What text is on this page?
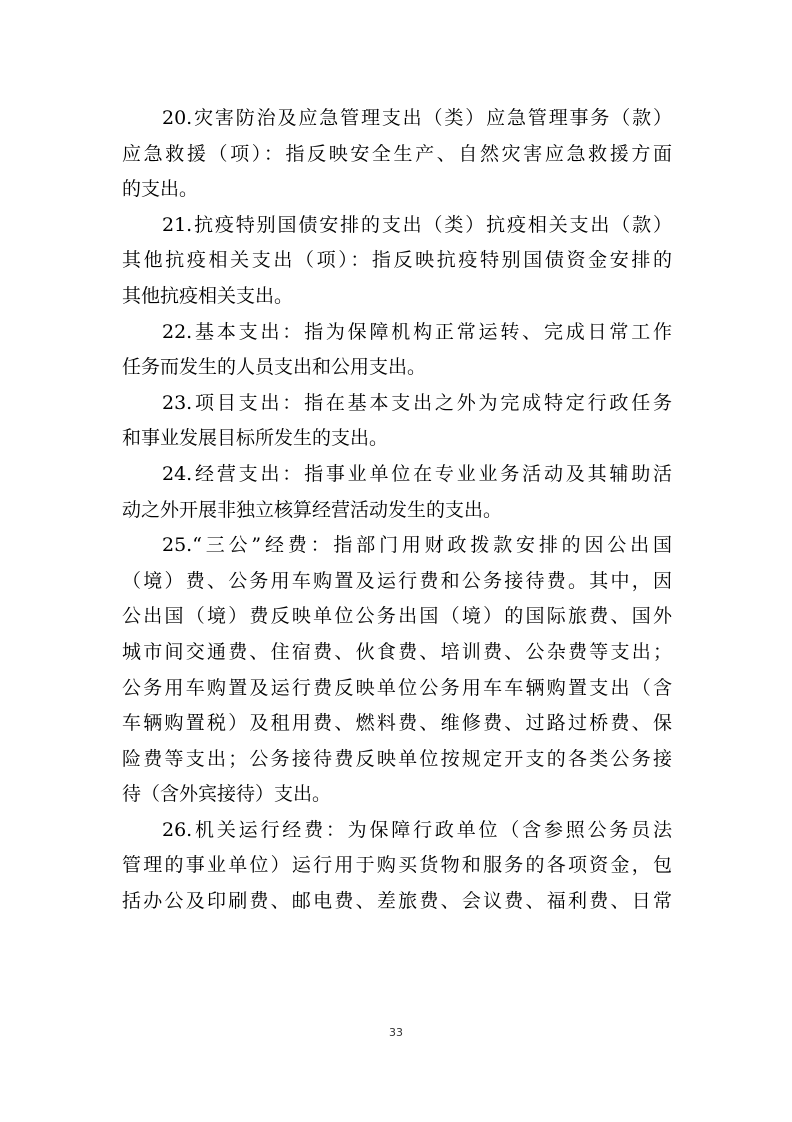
20.灾害防治及应急管理支出（类）应急管理事务（款）
应急救援（项）：指反映安全生产、自然灾害应急救援方面
的支出。
21.抗疫特别国债安排的支出（类）抗疫相关支出（款）
其他抗疫相关支出（项）：指反映抗疫特别国债资金安排的
其他抗疫相关支出。
22.基本支出：指为保障机构正常运转、完成日常工作
任务而发生的人员支出和公用支出。
23.项目支出：指在基本支出之外为完成特定行政任务
和事业发展目标所发生的支出。
24.经营支出：指事业单位在专业业务活动及其辅助活
动之外开展非独立核算经营活动发生的支出。
25.“三公”经费：指部门用财政拨款安排的因公出国
（境）费、公务用车购置及运行费和公务接待费。其中，因
公出国（境）费反映单位公务出国（境）的国际旅费、国外
城市间交通费、住宿费、伙食费、培训费、公杂费等支出；
公务用车购置及运行费反映单位公务用车车辆购置支出（含
车辆购置税）及租用费、燃料费、维修费、过路过桥费、保
险费等支出；公务接待费反映单位按规定开支的各类公务接
待（含外宾接待）支出。
26.机关运行经费：为保障行政单位（含参照公务员法
管理的事业单位）运行用于购买货物和服务的各项资金，包
括办公及印刷费、邮电费、差旅费、会议费、福利费、日常
33
